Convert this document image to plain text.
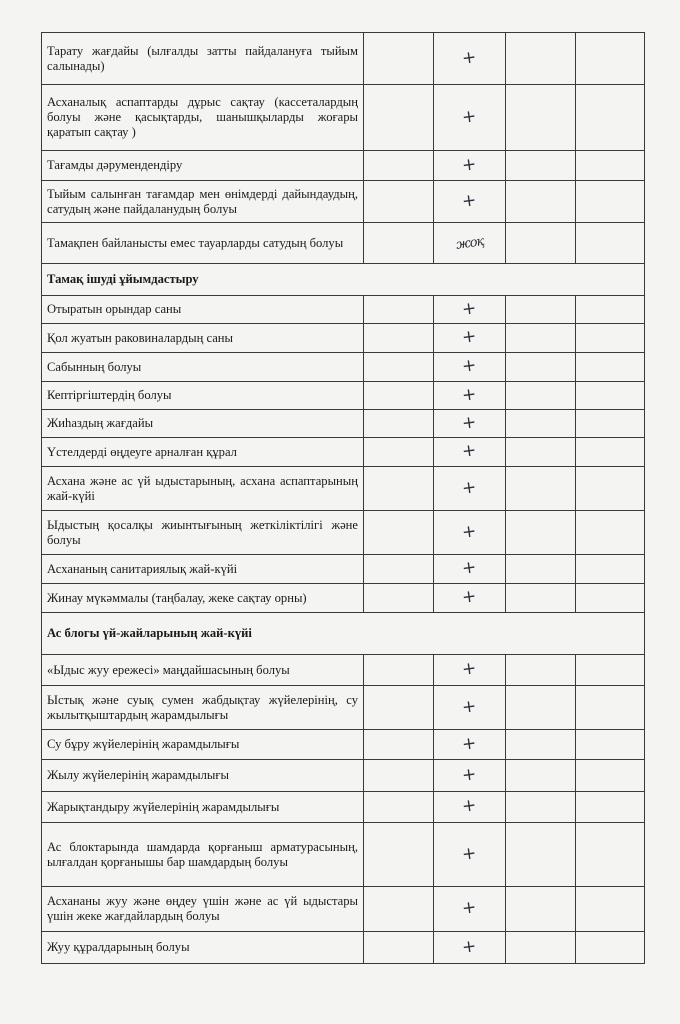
Тарату жағдайы (ылғалды затты пайдалануға тыйым салынады)		+		
Асханалық аспаптарды дұрыс сақтау (кассеталардың болуы және қасықтарды, шанышқыларды жоғары қаратып сақтау )		+		
Тағамды дәрумендендіру		+		
Тыйым салынған тағамдар мен өнімдерді дайындаудың, сатудың және пайдаланудың болуы		+		
Тамақпен байланысты емес тауарларды сатудың болуы		жоқ		
Тамақ ішуді ұйымдастыру				
Отыратын орындар саны		+		
Қол жуатын раковиналардың саны		+		
Сабынның болуы		+		
Кептіргіштердің болуы		+		
Жиһаздың жағдайы		+		
Үстелдерді өңдеуге арналған құрал		+		
Асхана және ас үй ыдыстарының, асхана аспаптарының жай-күйі		+		
Ыдыстың қосалқы жиынтығының жеткіліктілігі және болуы		+		
Асхананың санитариялық жай-күйі		+		
Жинау мүкәммалы (таңбалау, жеке сақтау орны)		+		
Ас блогы үй-жайларының жай-күйі				
«Ыдыс жуу ережесі» маңдайшасының болуы		+		
Ыстық және суық сумен жабдықтау жүйелерінің, су жылытқыштардың жарамдылығы		+		
Су бұру жүйелерінің жарамдылығы		+		
Жылу жүйелерінің жарамдылығы		+		
Жарықтандыру жүйелерінің жарамдылығы		+		
Ас блоктарында шамдарда қорғаныш арматурасының, ылғалдан қорғанышы бар шамдардың болуы		+		
Асхананы жуу және өңдеу үшін және ас үй ыдыстары үшін жеке жағдайлардың болуы		+		
Жуу құралдарының болуы		+		
